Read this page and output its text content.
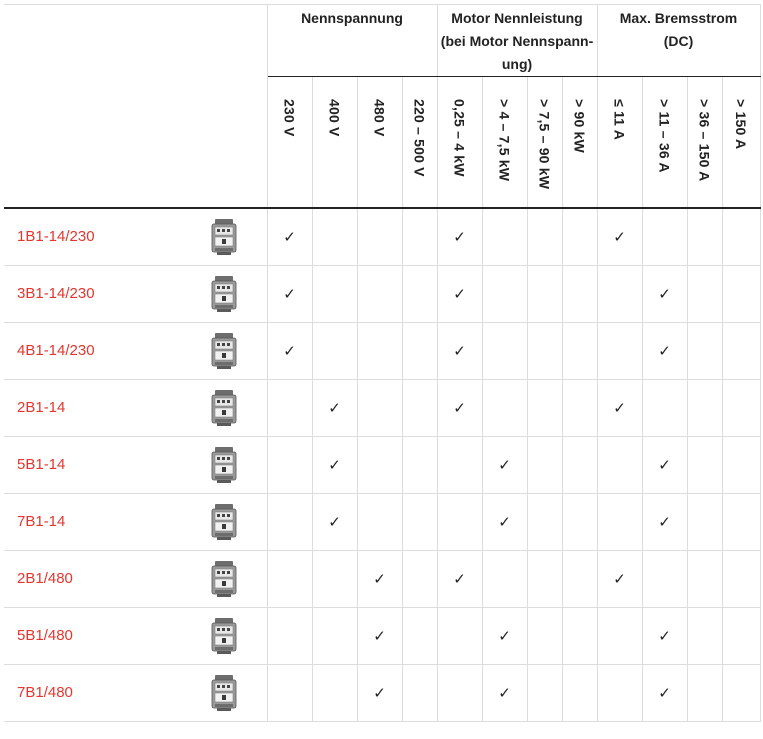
		Nennspannung				Motor Nennleistung
(bei Motor Nennspann-
ung)				Max. Bremsstrom
(DC)			

		230 V	400 V	480 V	220 – 500 V	0,25 – 4 kW	> 4 – 7,5 kW	> 7,5 – 90 kW	> 90 kW	≤ 11 A	> 11 – 36 A	> 36 – 150 A	> 150 A

1B1-14/230		✓				✓				✓			
3B1-14/230		✓				✓					✓		
4B1-14/230		✓				✓					✓		
2B1-14			✓			✓				✓			
5B1-14			✓				✓				✓		
7B1-14			✓				✓				✓		
2B1/480				✓		✓				✓			
5B1/480				✓			✓				✓		
7B1/480				✓			✓				✓		
